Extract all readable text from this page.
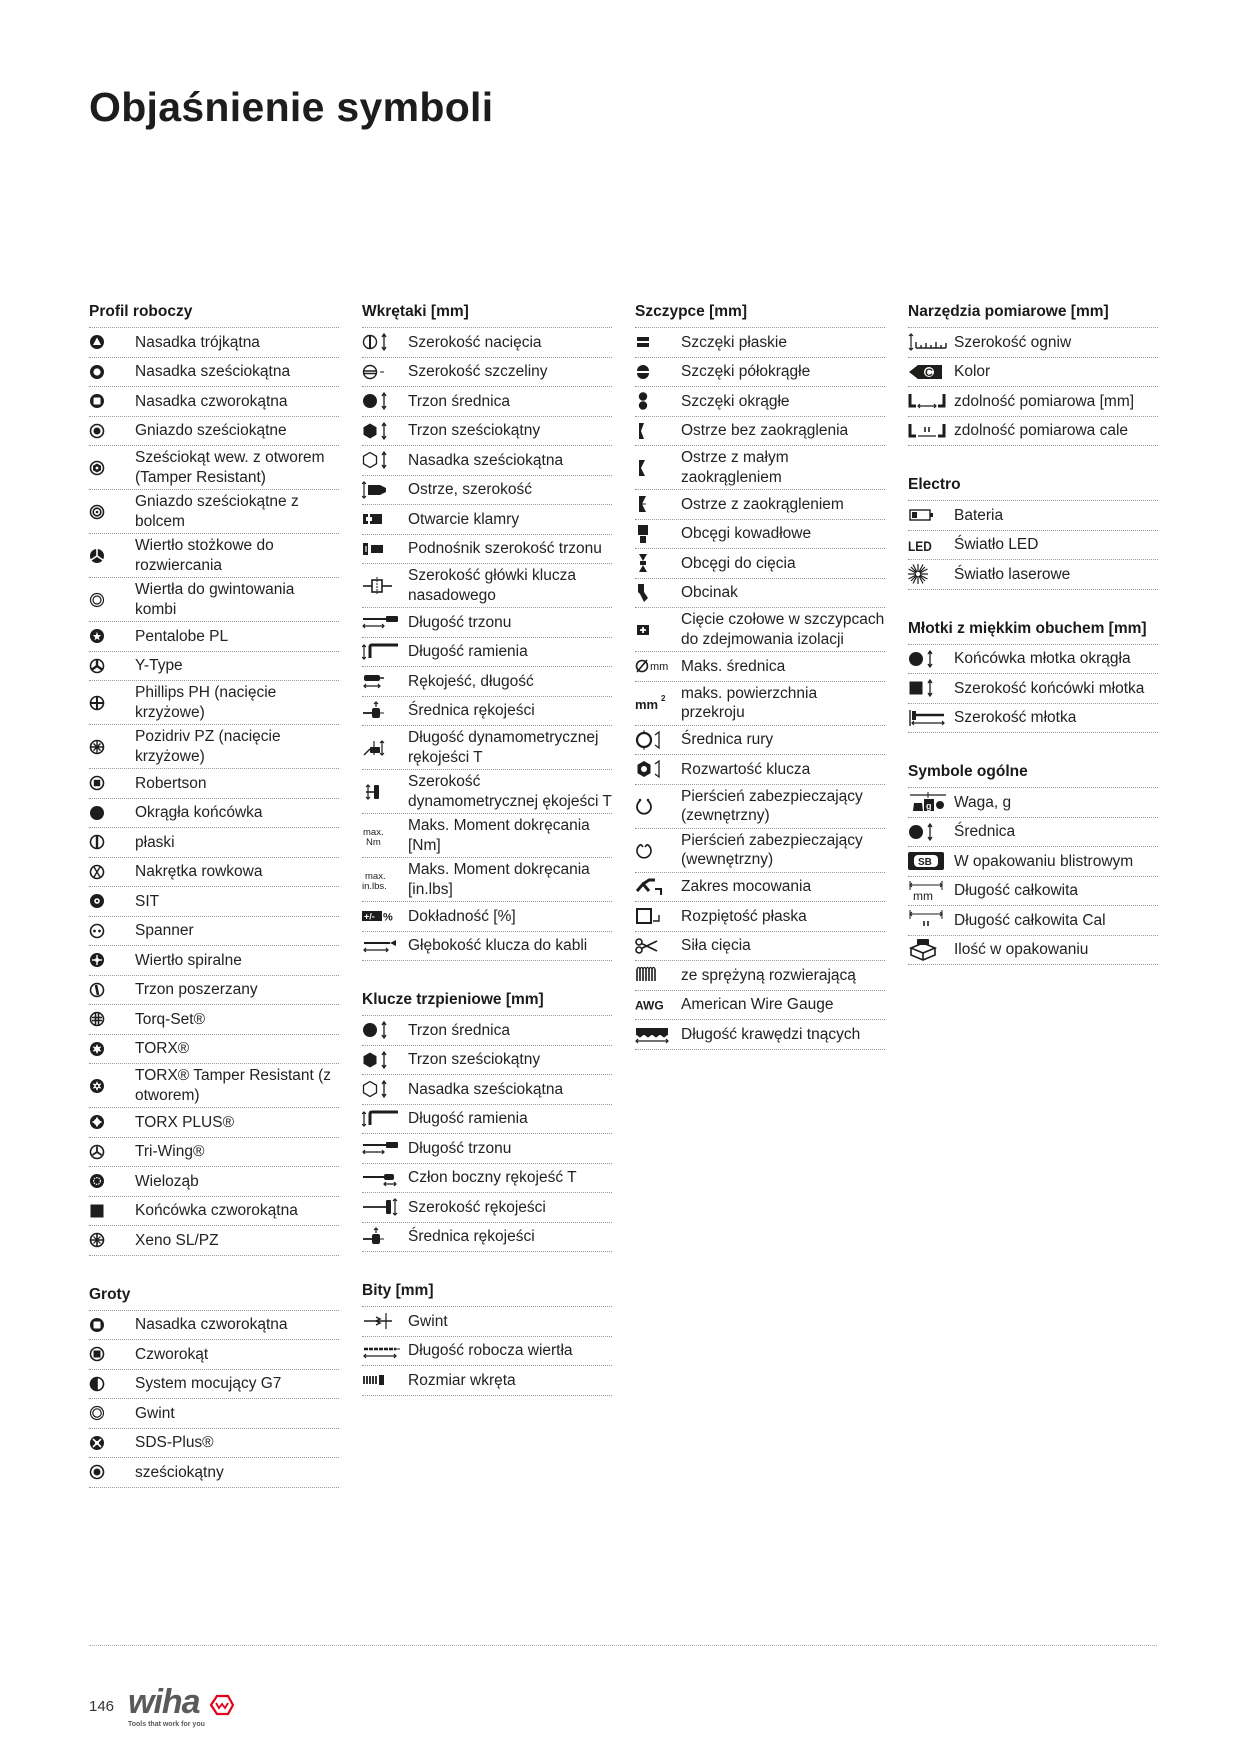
Objaśnienie symboli
Profil roboczy
Nasadka trójkątna
Nasadka sześciokątna
Nasadka czworokątna
Gniazdo sześciokątne
Sześciokąt wew. z otworem (Tamper Resistant)
Gniazdo sześciokątne z bolcem
Wiertło stożkowe do rozwiercania
Wiertła do gwintowania kombi
Pentalobe PL
Y-Type
Phillips PH (nacięcie krzyżowe)
Pozidriv PZ (nacięcie krzyżowe)
Robertson
Okrągła końcówka
płaski
Nakrętka rowkowa
SIT
Spanner
Wiertło spiralne
Trzon poszerzany
Torq-Set®
TORX®
TORX® Tamper Resistant (z otworem)
TORX PLUS®
Tri-Wing®
Wieloząb
Końcówka czworokątna
Xeno SL/PZ
Groty
Nasadka czworokątna
Czworokąt
System mocujący G7
Gwint
SDS-Plus®
sześciokątny
Wkrętaki [mm]
Szerokość nacięcia
Szerokość szczeliny
Trzon średnica
Trzon sześciokątny
Nasadka sześciokątna
Ostrze, szerokość
Otwarcie klamry
Podnośnik szerokość trzonu
Szerokość główki klucza nasadowego
Długość trzonu
Długość ramienia
Rękojeść, długość
Średnica rękojeści
Długość dynamometrycznej rękojeści T
Szerokość dynamometrycznej ękojeści T
max.
Nm
Maks. Moment dokręcania [Nm]
max.
in.lbs.
Maks. Moment dokręcania [in.lbs]
+/- % Dokładność [%]
Głębokość klucza do kabli
Klucze trzpieniowe [mm]
Trzon średnica
Trzon sześciokątny
Nasadka sześciokątna
Długość ramienia
Długość trzonu
Człon boczny rękojeść T
Szerokość rękojeści
Średnica rękojeści
Bity [mm]
Gwint
Długość robocza wiertła
Rozmiar wkręta
Szczypce [mm]
Szczęki płaskie
Szczęki półokrągłe
Szczęki okrągłe
Ostrze bez zaokrąglenia
Ostrze z małym zaokrągleniem
Ostrze z zaokrągleniem
Obcęgi kowadłowe
Obcęgi do cięcia
Obcinak
Cięcie czołowe w szczypcach do zdejmowania izolacji
mm Maks. średnica
mm 2 maks. powierzchnia przekroju
Średnica rury
Rozwartość klucza
Pierścień zabezpieczający (zewnętrzny)
Pierścień zabezpieczający (wewnętrzny)
Zakres mocowania
Rozpiętość płaska
Siła cięcia
ze sprężyną rozwierającą
AWG American Wire Gauge
Długość krawędzi tnących
Narzędzia pomiarowe [mm]
Szerokość ogniw
C Kolor
zdolność pomiarowa [mm]
zdolność pomiarowa cale
Electro
Bateria
LED Światło LED
Światło laserowe
Młotki z miękkim obuchem [mm]
Końcówka młotka okrągła
Szerokość końcówki młotka
Szerokość młotka
Symbole ogólne
g Waga, g
Średnica
SB W opakowaniu blistrowym
mm Długość całkowita
Długość całkowita Cal
Ilość w opakowaniu
146 wiha
Tools that work for you
